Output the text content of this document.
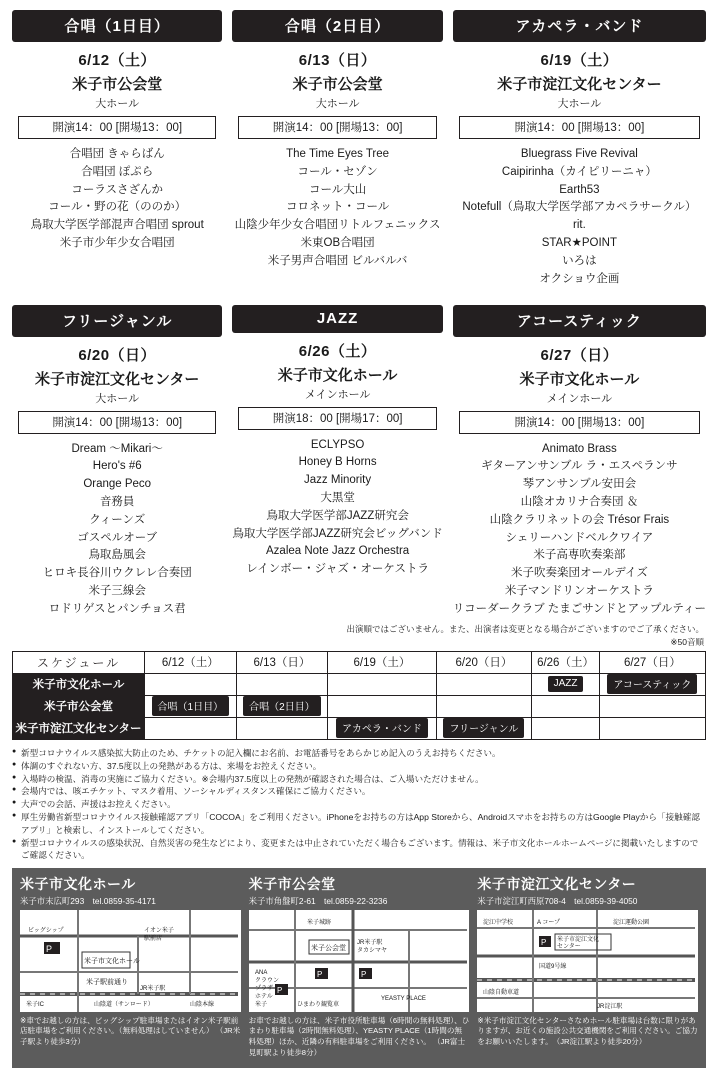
合唱（1日目）
6/12（土）
米子市公会堂
大ホール
開演14：00 [開場13：00]
合唱団 きゃらばん
合唱団 ぽぷら
コーラスさざんか
コール・野の花（ののか）
鳥取大学医学部混声合唱団 sprout
米子市少年少女合唱団
合唱（2日目）
6/13（日）
米子市公会堂
大ホール
開演14：00 [開場13：00]
The Time Eyes Tree
コール・セゾン
コール大山
コロネット・コール
山陰少年少女合唱団リトルフェニックス
米東OB合唱団
米子男声合唱団 ビルバルバ
アカペラ・バンド
6/19（土）
米子市淀江文化センター
大ホール
開演14：00 [開場13：00]
Bluegrass Five Revival
Caipirinha（カイピリーニャ）
Earth53
Notefull（鳥取大学医学部アカペラサークル）
rit.
STAR★POINT
いろは
オクショウ企画
フリージャンル
6/20（日）
米子市淀江文化センター
大ホール
開演14：00 [開場13：00]
Dream ～Mikari～
Hero's #6
Orange Peco
音務員
クィーンズ
ゴスペルオーブ
鳥取島風会
ヒロキ長谷川ウクレレ合奏団
米子三線会
ロドリゲスとパンチョス君
JAZZ
6/26（土）
米子市文化ホール
メインホール
開演18：00 [開場17：00]
ECLYPSO
Honey B Horns
Jazz Minority
大黒堂
鳥取大学医学部JAZZ研究会
鳥取大学医学部JAZZ研究会ビッグバンド
Azalea Note Jazz Orchestra
レインボー・ジャズ・オーケストラ
アコースティック
6/27（日）
米子市文化ホール
メインホール
開演14：00 [開場13：00]
Animato Brass
ギターアンサンブル ラ・エスペランサ
琴アンサンブル安田会
山陰オカリナ合奏団 ＆
山陰クラリネットの会 Trésor Frais
シェリーハンドベルクワイア
米子高専吹奏楽部
米子吹奏楽団オールデイズ
米子マンドリンオーケストラ
リコーダークラブ たまごサンドとアップルティー
出演順ではございません。また、出演者は変更となる場合がございますのでご了承ください。
※50音順
スケジュール	6/12（土）	6/13（日）	6/19（土）	6/20（日）	6/26（土）	6/27（日）
米子市文化ホール					JAZZ	アコースティック
米子市公会堂	合唱（1日目）	合唱（2日目）				
米子市淀江文化センター			アカペラ・バンド	フリージャンル		
● 新型コロナウイルス感染拡大防止のため、チケットの記入欄にお名前、お電話番号をあらかじめ記入のうえお持ちください。
● 体調のすぐれない方、37.5度以上の発熱がある方は、来場をお控えください。
● 入場時の検温、消毒の実施にご協力ください。※会場内37.5度以上の発熱が確認された場合は、ご入場いただけません。
● 会場内では、咳エチケット、マスク着用、ソーシャルディスタンス確保にご協力ください。
● 大声での会話、声援はお控えください。
● 厚生労働省新型コロナウイルス接触確認アプリ「COCOA」をご利用ください。iPhoneをお持ちの方はApp Storeから、Androidスマホをお持ちの方はGoogle Playから「接触確認アプリ」と検索し、インストールしてください。
● 新型コロナウイルスの感染状況、自然災害の発生などにより、変更または中止されていただく場合もございます。情報は、米子市文化ホールホームページに掲載いたしますのでご確認ください。
米子市文化ホール
米子市末広町293　tel.0859-35-4171
P
米子市文化ホール
ビッグシップ	イオン米子
駅前店
米子駅前通り
JR米子駅
米子IC	山陰道（サンロード）	山陰本線
※車でお越しの方は、ビッグシップ駐車場またはイオン米子駅前店駐車場をご利用ください。（無料処理はしていません） （JR米子駅より徒歩3分）
米子市公会堂
米子市角盤町2-61　tel.0859-22-3236
米子公会堂
P	P
P
米子城跡
JR米子駅
タカシマヤ
ANA
クラウン
プラザ
ホテル
米子	ひまわり観覧車
YEASTY PLACE
お車でお越しの方は、米子市役所駐車場（6時間の無料処理）、ひまわり駐車場（2時間無料処理）、YEASTY PLACE（1時間の無料処理）ほか、近隣の有料駐車場をご利用ください。 （JR富士見町駅より徒歩8分）
米子市淀江文化センター
米子市淀江町西原708-4　tel.0859-39-4050
P 米子市淀江文化
センター
淀江中学校	A コープ	淀江運動公園
国道9号線
山陰自動車道
JR淀江駅
※米子市淀江文化センターさなめホール駐車場は台数に限りがありますが、お近くの施設公共交通機関をご利用ください。ご協力をお願いいたします。　（JR淀江駅より徒歩20分）
